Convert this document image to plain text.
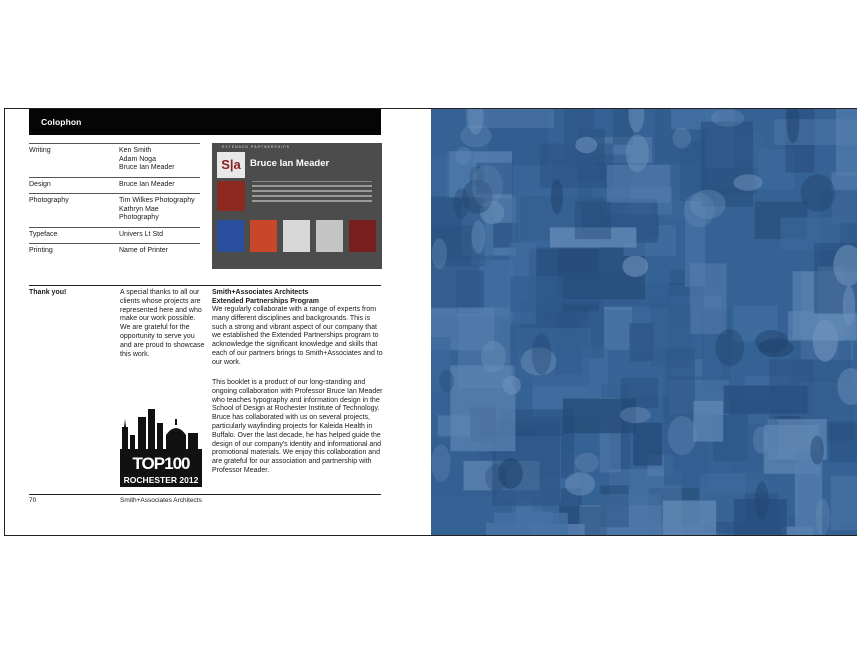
Colophon
Writing	Ken Smith
Adam Noga
Bruce Ian Meader
Design	Bruce Ian Meader
Photography	Tim Wilkes Photography
Kathryn Mae Photography
Typeface	Univers Lt Std
Printing	Name of Printer
EXTENDED PARTNERSHIPS
S|a Bruce Ian Meader
Thank you!	A special thanks to all our clients whose projects are represented here and who make our work possible. We are grateful for the opportunity to serve you and are proud to showcase this work.
Smith+Associates Architects
Extended Partnerships Program
We regularly collaborate with a range of experts from many different disciplines and backgrounds. This is such a strong and vibrant aspect of our company that we established the Extended Partnerships program to acknowledge the significant knowledge and skills that each of our partners brings to Smith+Associates and to our work.
This booklet is a product of our long-standing and ongoing collaboration with Professor Bruce Ian Meader who teaches typography and information design in the School of Design at Rochester Institute of Technology. Bruce has collaborated with us on several projects, particularly wayfinding projects for Kaleida Health in Buffalo. Over the last decade, he has helped guide the design of our company's identity and informational and promotional materials. We enjoy this collaboration and are grateful for our association and partnership with Professor Meader.
TOP100
ROCHESTER 2012
70	Smith+Associates Architects
